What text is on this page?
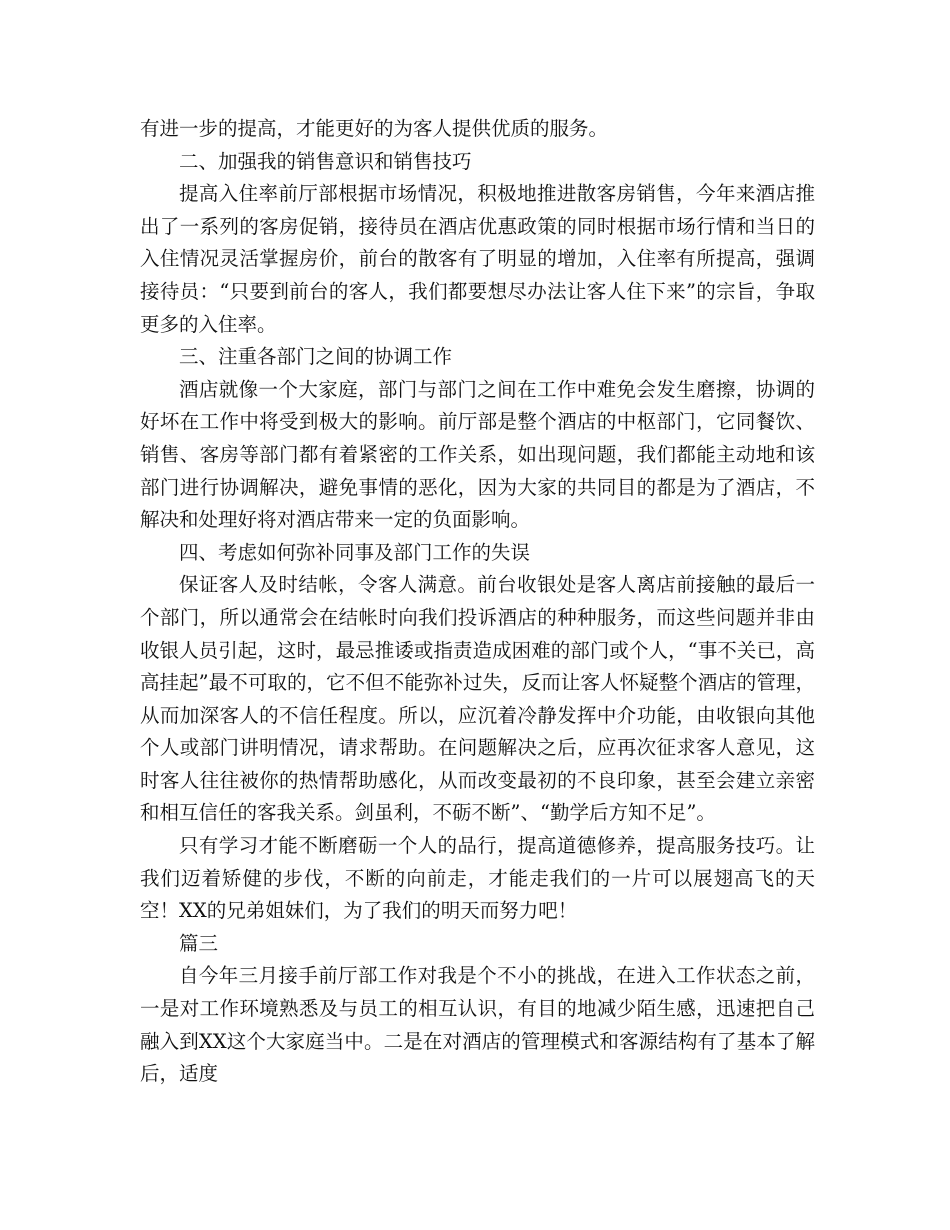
有进一步的提高，才能更好的为客人提供优质的服务。

二、加强我的销售意识和销售技巧

提高入住率前厅部根据市场情况，积极地推进散客房销售，今年来酒店推出了一系列的客房促销，接待员在酒店优惠政策的同时根据市场行情和当日的入住情况灵活掌握房价，前台的散客有了明显的增加，入住率有所提高，强调接待员：“只要到前台的客人，我们都要想尽办法让客人住下来”的宗旨，争取更多的入住率。

三、注重各部门之间的协调工作

酒店就像一个大家庭，部门与部门之间在工作中难免会发生磨擦，协调的好坏在工作中将受到极大的影响。前厅部是整个酒店的中枢部门，它同餐饮、销售、客房等部门都有着紧密的工作关系，如出现问题，我们都能主动地和该部门进行协调解决，避免事情的恶化，因为大家的共同目的都是为了酒店，不解决和处理好将对酒店带来一定的负面影响。

四、考虑如何弥补同事及部门工作的失误

保证客人及时结帐，令客人满意。前台收银处是客人离店前接触的最后一个部门，所以通常会在结帐时向我们投诉酒店的种种服务，而这些问题并非由收银人员引起，这时，最忌推诿或指责造成困难的部门或个人，“事不关已，高高挂起”最不可取的，它不但不能弥补过失，反而让客人怀疑整个酒店的管理，从而加深客人的不信任程度。所以，应沉着冷静发挥中介功能，由收银向其他个人或部门讲明情况，请求帮助。在问题解决之后，应再次征求客人意见，这时客人往往被你的热情帮助感化，从而改变最初的不良印象，甚至会建立亲密和相互信任的客我关系。剑虽利，不砺不断”、“勤学后方知不足”。

只有学习才能不断磨砺一个人的品行，提高道德修养，提高服务技巧。让我们迈着矫健的步伐，不断的向前走，才能走我们的一片可以展翅高飞的天空！XX的兄弟姐妹们，为了我们的明天而努力吧！

篇三

自今年三月接手前厅部工作对我是个不小的挑战，在进入工作状态之前，一是对工作环境熟悉及与员工的相互认识，有目的地减少陌生感，迅速把自己融入到XX这个大家庭当中。二是在对酒店的管理模式和客源结构有了基本了解后，适度
